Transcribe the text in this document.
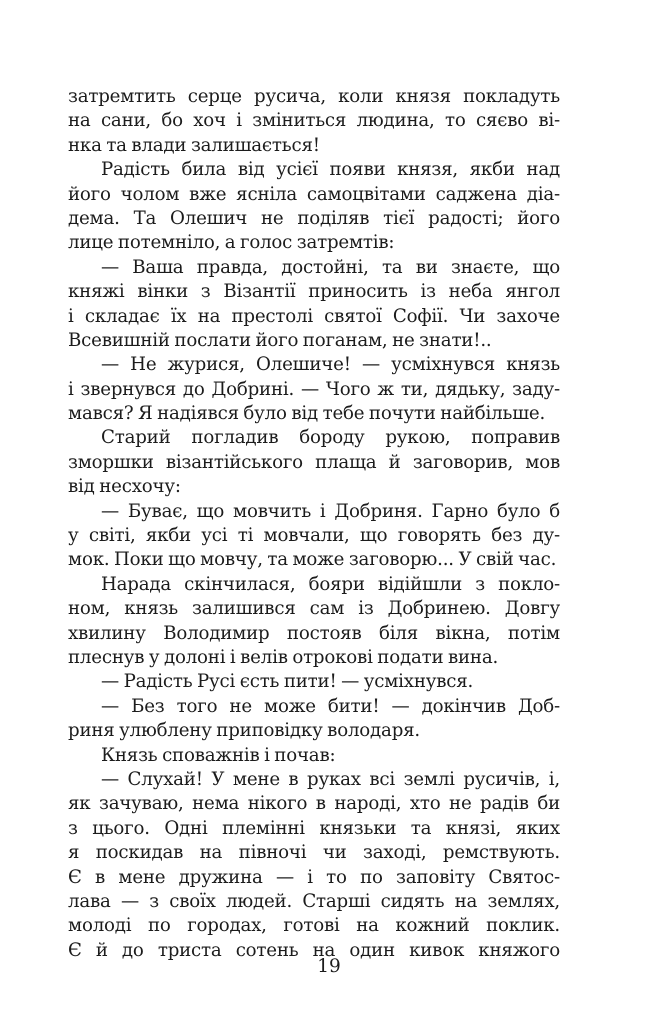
затремтить серце русича, коли князя покладуть
на сани, бо хоч і зміниться людина, то сяєво ві-
нка та влади залишається!
Радість била від усієї появи князя, якби над
його чолом вже ясніла самоцвітами саджена діа-
дема. Та Олешич не поділяв тієї радості; його
лице потемніло, а голос затремтів:
— Ваша правда, достойні, та ви знаєте, що
княжі вінки з Візантії приносить із неба янгол
і складає їх на престолі святої Софії. Чи захоче
Всевишній послати його поганам, не знати!..
— Не журися, Олешиче! — усміхнувся князь
і звернувся до Добрині. — Чого ж ти, дядьку, заду-
мався? Я надіявся було від тебе почути найбільше.
Старий погладив бороду рукою, поправив
зморшки візантійського плаща й заговорив, мов
від несхочу:
— Буває, що мовчить і Добриня. Гарно було б
у світі, якби усі ті мовчали, що говорять без ду-
мок. Поки що мовчу, та може заговорю... У свій час.
Нарада скінчилася, бояри відійшли з покло-
ном, князь залишився сам із Добринею. Довгу
хвилину Володимир постояв біля вікна, потім
плеснув у долоні і велів отрокові подати вина.
— Радість Русі єсть пити! — усміхнувся.
— Без того не може бити! — докінчив Доб-
риня улюблену приповідку володаря.
Князь споважнів і почав:
— Слухай! У мене в руках всі землі русичів, і,
як зачуваю, нема нікого в народі, хто не радів би
з цього. Одні племінні князьки та князі, яких
я поскидав на півночі чи заході, ремствують.
Є в мене дружина — і то по заповіту Святос-
лава — з своїх людей. Старші сидять на землях,
молоді по городах, готові на кожний поклик.
Є й до триста сотень на один кивок княжого
19
